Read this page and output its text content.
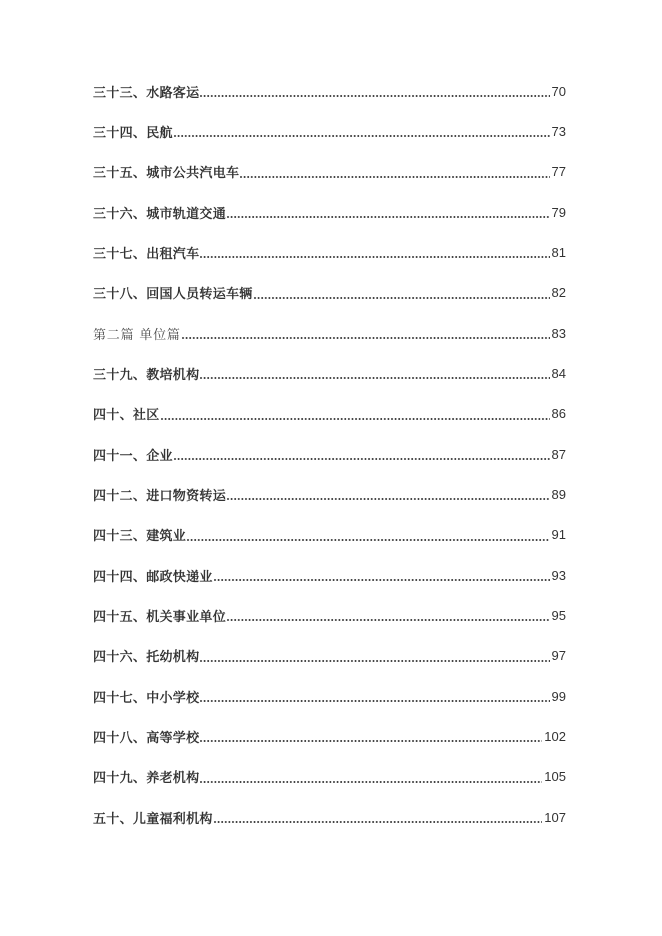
三十三、水路客运	70
三十四、民航	73
三十五、城市公共汽电车	77
三十六、城市轨道交通	79
三十七、出租汽车	81
三十八、回国人员转运车辆	82
第二篇 单位篇	83
三十九、教培机构	84
四十、社区	86
四十一、企业	87
四十二、进口物资转运	89
四十三、建筑业	91
四十四、邮政快递业	93
四十五、机关事业单位	95
四十六、托幼机构	97
四十七、中小学校	99
四十八、高等学校	102
四十九、养老机构	105
五十、儿童福利机构	107
